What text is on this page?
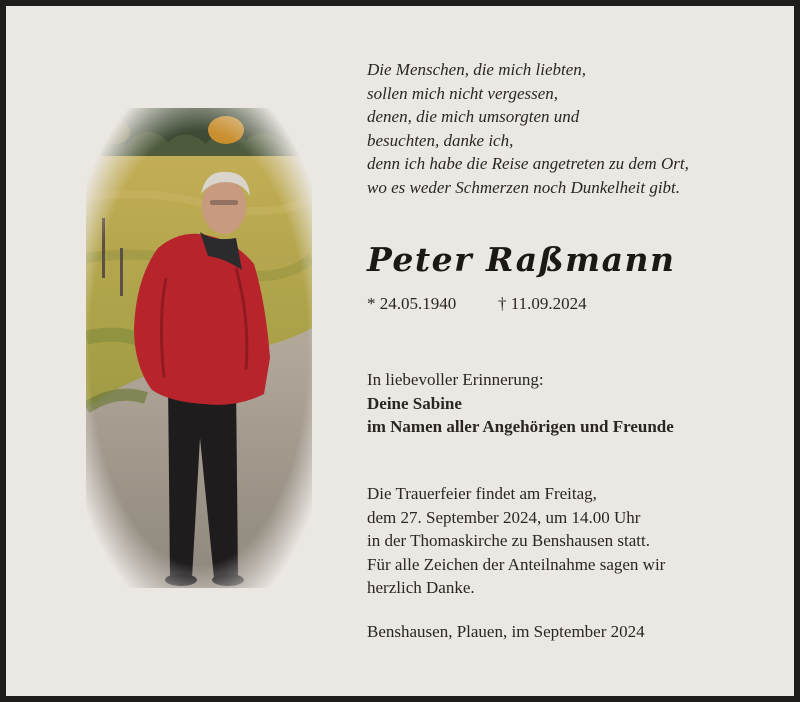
Die Menschen, die mich liebten,
sollen mich nicht vergessen,
denen, die mich umsorgten und
besuchten, danke ich,
denn ich habe die Reise angetreten zu dem Ort,
wo es weder Schmerzen noch Dunkelheit gibt.
Peter Raßmann
* 24.05.1940 † 11.09.2024
In liebevoller Erinnerung:
Deine Sabine
im Namen aller Angehörigen und Freunde
Die Trauerfeier findet am Freitag,
dem 27. September 2024, um 14.00 Uhr
in der Thomaskirche zu Benshausen statt.
Für alle Zeichen der Anteilnahme sagen wir
herzlich Danke.
Benshausen, Plauen, im September 2024
